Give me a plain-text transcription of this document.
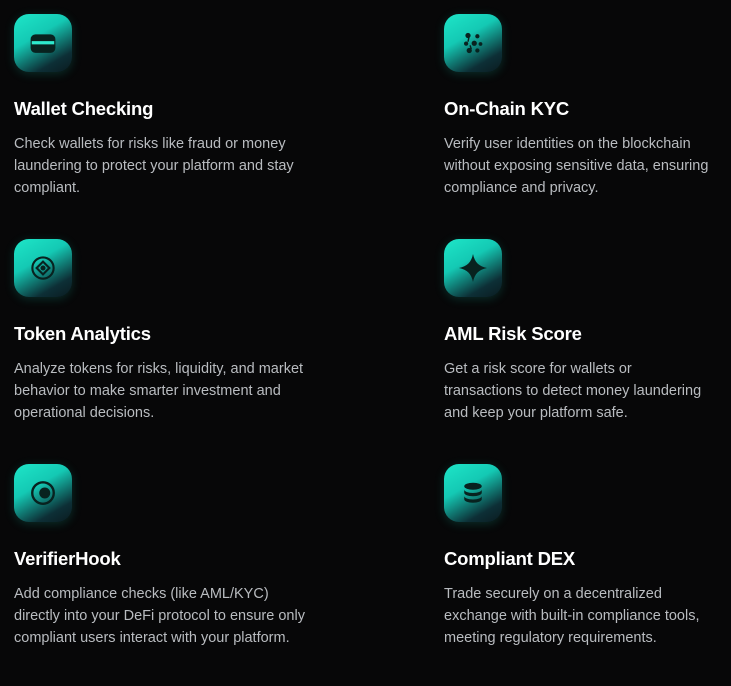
Wallet Checking

Check wallets for risks like fraud or money laundering to protect your platform and stay compliant.

On-Chain KYC

Verify user identities on the blockchain without exposing sensitive data, ensuring compliance and privacy.

Token Analytics

Analyze tokens for risks, liquidity, and market behavior to make smarter investment and operational decisions.

AML Risk Score

Get a risk score for wallets or transactions to detect money laundering and keep your platform safe.

VerifierHook

Add compliance checks (like AML/KYC) directly into your DeFi protocol to ensure only compliant users interact with your platform.

Compliant DEX

Trade securely on a decentralized exchange with built-in compliance tools, meeting regulatory requirements.
